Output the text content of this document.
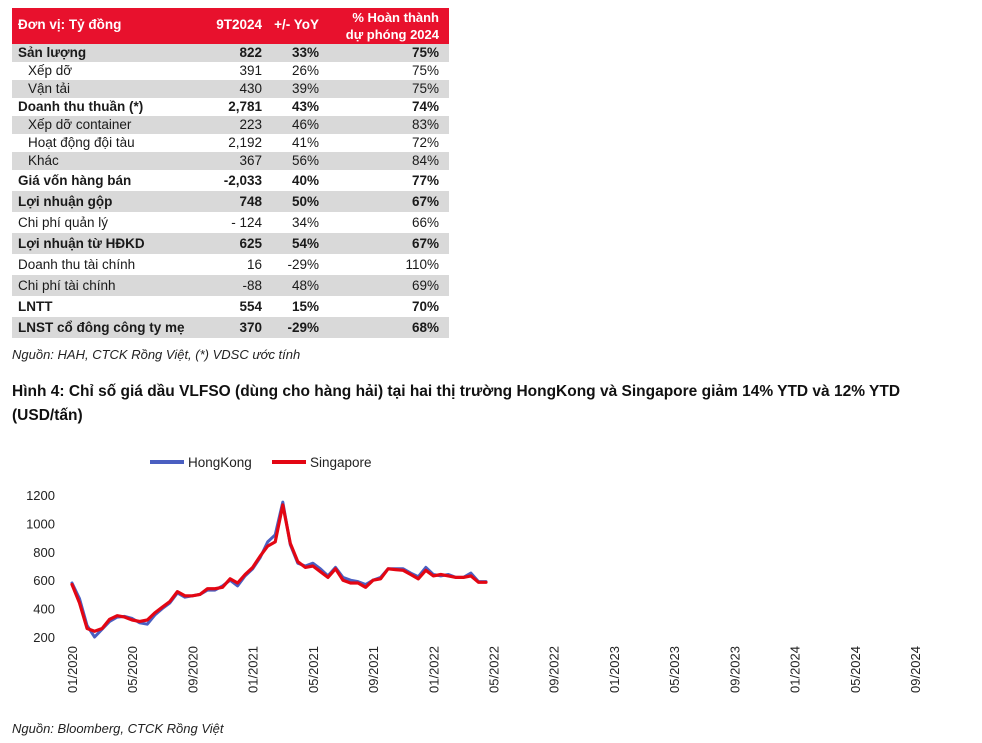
Đơn vị: Tỷ đồng	9T2024	+/- YoY	% Hoàn thành
dự phóng 2024

Sản lượng	822	33%	75%
Xếp dỡ	391	26%	75%
Vận tải	430	39%	75%
Doanh thu thuần (*)	2,781	43%	74%
Xếp dỡ container	223	46%	83%
Hoạt động đội tàu	2,192	41%	72%
Khác	367	56%	84%
Giá vốn hàng bán	-2,033	40%	77%
Lợi nhuận gộp	748	50%	67%
Chi phí quản lý	- 124	34%	66%
Lợi nhuận từ HĐKD	625	54%	67%
Doanh thu tài chính	16	-29%	110%
Chi phí tài chính	-88	48%	69%
LNTT	554	15%	70%
LNST cổ đông công ty mẹ	370	-29%	68%
Nguồn: HAH, CTCK Rồng Việt, (*) VDSC ước tính
Hình 4: Chỉ số giá dầu VLFSO (dùng cho hàng hải) tại hai thị trường HongKong và Singapore giảm 14% YTD và 12% YTD (USD/tấn)
HongKong	Singapore
200
400
600
800
1000
1200
01/2020	05/2020	09/2020	01/2021	05/2021	09/2021	01/2022	05/2022	09/2022	01/2023	05/2023	09/2023	01/2024	05/2024	09/2024
Nguồn: Bloomberg, CTCK Rồng Việt
